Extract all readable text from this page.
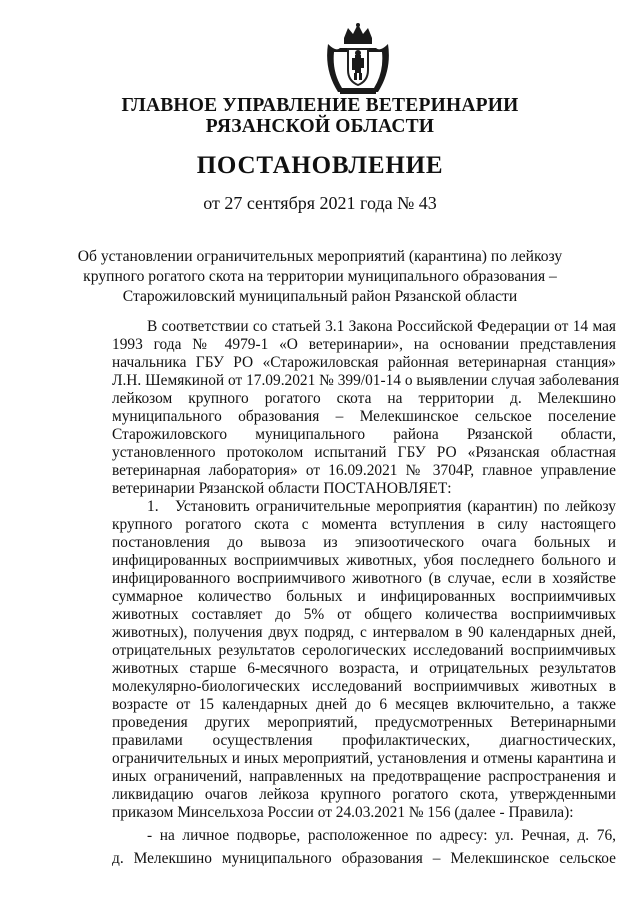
ГЛАВНОЕ УПРАВЛЕНИЕ ВЕТЕРИНАРИИ
РЯЗАНСКОЙ ОБЛАСТИ
ПОСТАНОВЛЕНИЕ
от 27 сентября 2021 года № 43
Об установлении ограничительных мероприятий (карантина) по лейкозу
крупного рогатого скота на территории муниципального образования –
Старожиловский муниципальный район Рязанской области
В соответствии со статьей 3.1 Закона Российской Федерации от 14 мая
1993 года № 4979-1 «О ветеринарии», на основании представления
начальника ГБУ РО «Старожиловская районная ветеринарная станция»
Л.Н. Шемякиной от 17.09.2021 № 399/01-14 о выявлении случая заболевания
лейкозом крупного рогатого скота на территории д. Мелекшино
муниципального образования – Мелекшинское сельское поселение
Старожиловского муниципального района Рязанской области,
установленного протоколом испытаний ГБУ РО «Рязанская областная
ветеринарная лаборатория» от 16.09.2021 № 3704Р, главное управление
ветеринарии Рязанской области ПОСТАНОВЛЯЕТ:
1. Установить ограничительные мероприятия (карантин) по лейкозу
крупного рогатого скота с момента вступления в силу настоящего
постановления до вывоза из эпизоотического очага больных и
инфицированных восприимчивых животных, убоя последнего больного и
инфицированного восприимчивого животного (в случае, если в хозяйстве
суммарное количество больных и инфицированных восприимчивых
животных составляет до 5% от общего количества восприимчивых
животных), получения двух подряд, с интервалом в 90 календарных дней,
отрицательных результатов серологических исследований восприимчивых
животных старше 6-месячного возраста, и отрицательных результатов
молекулярно-биологических исследований восприимчивых животных в
возрасте от 15 календарных дней до 6 месяцев включительно, а также
проведения других мероприятий, предусмотренных Ветеринарными
правилами осуществления профилактических, диагностических,
ограничительных и иных мероприятий, установления и отмены карантина и
иных ограничений, направленных на предотвращение распространения и
ликвидацию очагов лейкоза крупного рогатого скота, утвержденными
приказом Минсельхоза России от 24.03.2021 № 156 (далее - Правила):
- на личное подворье, расположенное по адресу: ул. Речная, д. 76,
д. Мелекшино муниципального образования – Мелекшинское сельское
